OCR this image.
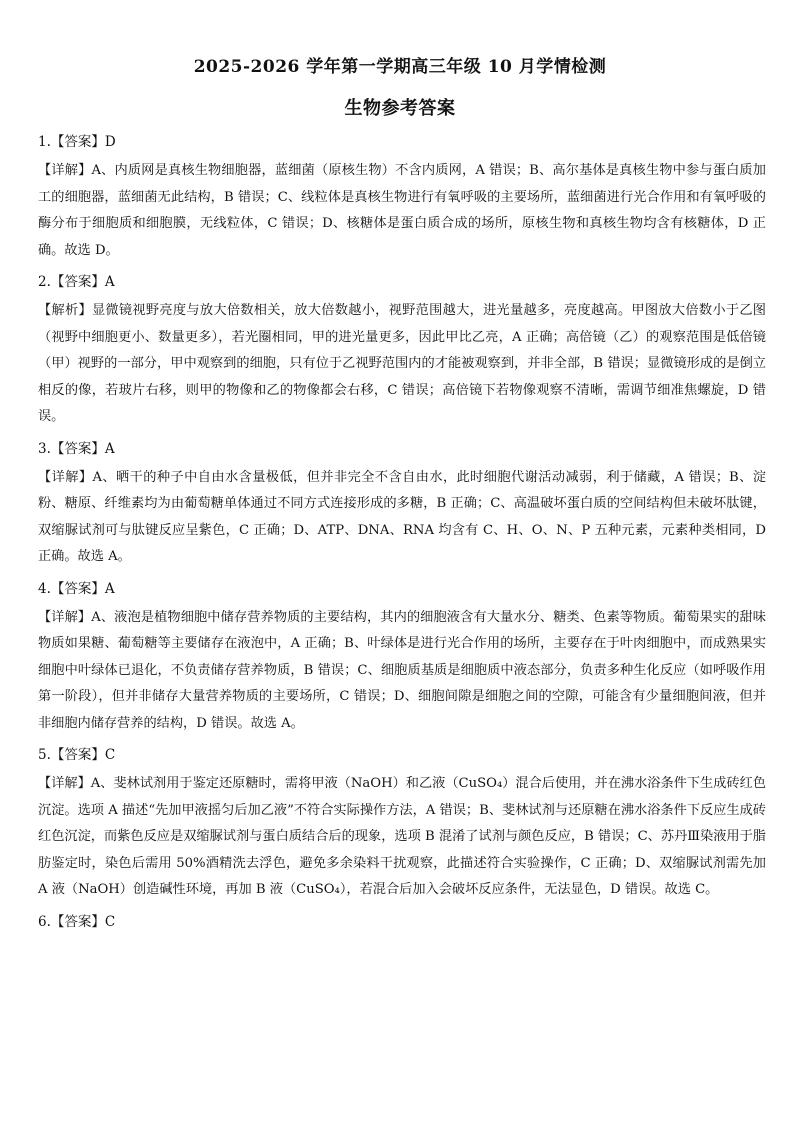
2025-2026 学年第一学期高三年级 10 月学情检测
生物参考答案

1.【答案】D

【详解】A、内质网是真核生物细胞器，蓝细菌（原核生物）不含内质网，A 错误；B、高尔基体是真核生物中参与蛋白质加工的细胞器，蓝细菌无此结构，B 错误；C、线粒体是真核生物进行有氧呼吸的主要场所，蓝细菌进行光合作用和有氧呼吸的酶分布于细胞质和细胞膜，无线粒体，C 错误；D、核糖体是蛋白质合成的场所，原核生物和真核生物均含有核糖体，D 正确。故选 D。

2.【答案】A

【解析】显微镜视野亮度与放大倍数相关，放大倍数越小，视野范围越大，进光量越多，亮度越高。甲图放大倍数小于乙图（视野中细胞更小、数量更多），若光圈相同，甲的进光量更多，因此甲比乙亮，A 正确；高倍镜（乙）的观察范围是低倍镜（甲）视野的一部分，甲中观察到的细胞，只有位于乙视野范围内的才能被观察到，并非全部，B 错误；显微镜形成的是倒立相反的像，若玻片右移，则甲的物像和乙的物像都会右移，C 错误；高倍镜下若物像观察不清晰，需调节细准焦螺旋，D 错误。

3.【答案】A

【详解】A、晒干的种子中自由水含量极低，但并非完全不含自由水，此时细胞代谢活动减弱，利于储藏，A 错误；B、淀粉、糖原、纤维素均为由葡萄糖单体通过不同方式连接形成的多糖，B 正确；C、高温破坏蛋白质的空间结构但未破坏肽键，双缩脲试剂可与肽键反应呈紫色，C 正确；D、ATP、DNA、RNA 均含有 C、H、O、N、P 五种元素，元素种类相同，D 正确。故选 A。

4.【答案】A

【详解】A、液泡是植物细胞中储存营养物质的主要结构，其内的细胞液含有大量水分、糖类、色素等物质。葡萄果实的甜味物质如果糖、葡萄糖等主要储存在液泡中，A 正确；B、叶绿体是进行光合作用的场所，主要存在于叶肉细胞中，而成熟果实细胞中叶绿体已退化，不负责储存营养物质，B 错误；C、细胞质基质是细胞质中液态部分，负责多种生化反应（如呼吸作用第一阶段），但并非储存大量营养物质的主要场所，C 错误；D、细胞间隙是细胞之间的空隙，可能含有少量细胞间液，但并非细胞内储存营养的结构，D 错误。故选 A。

5.【答案】C

【详解】A、斐林试剂用于鉴定还原糖时，需将甲液（NaOH）和乙液（CuSO₄）混合后使用，并在沸水浴条件下生成砖红色沉淀。选项 A 描述“先加甲液摇匀后加乙液”不符合实际操作方法，A 错误；B、斐林试剂与还原糖在沸水浴条件下反应生成砖红色沉淀，而紫色反应是双缩脲试剂与蛋白质结合后的现象，选项 B 混淆了试剂与颜色反应，B 错误；C、苏丹Ⅲ染液用于脂肪鉴定时，染色后需用 50%酒精洗去浮色，避免多余染料干扰观察，此描述符合实验操作，C 正确；D、双缩脲试剂需先加 A 液（NaOH）创造碱性环境，再加 B 液（CuSO₄），若混合后加入会破坏反应条件，无法显色，D 错误。故选 C。

6.【答案】C
